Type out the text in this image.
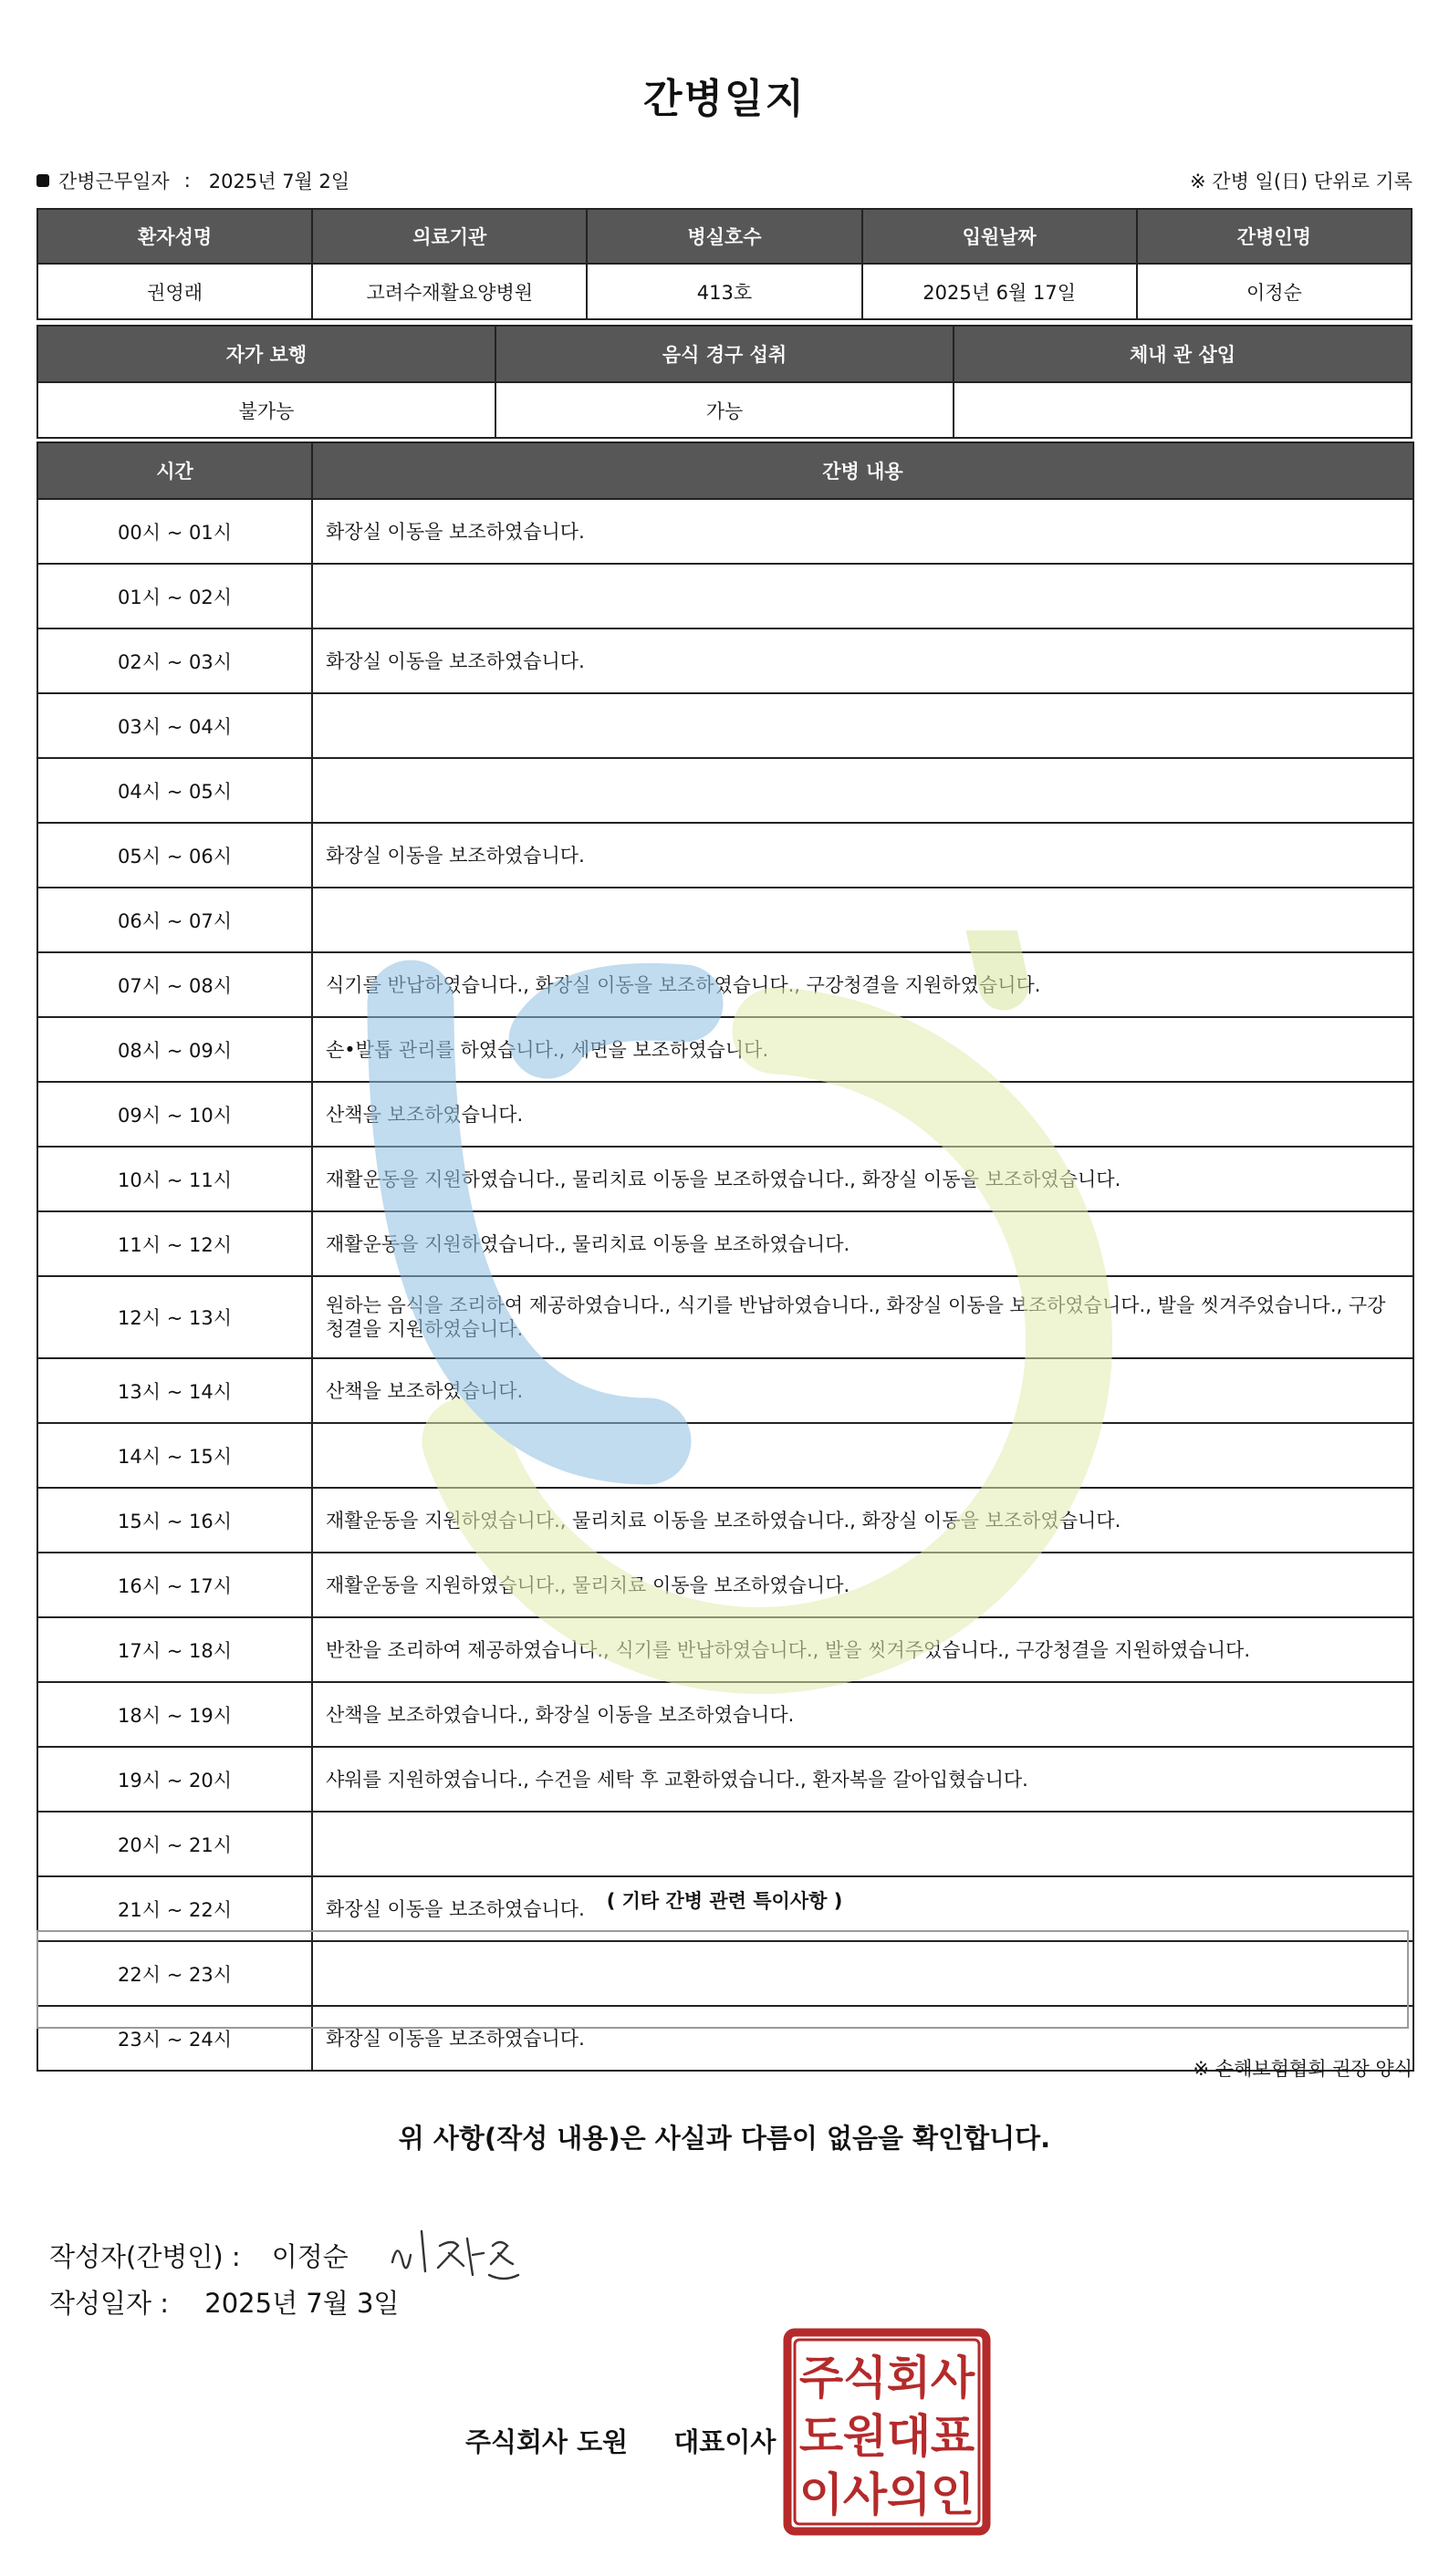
간병일지
간병근무일자 : 2025년 7월 2일	※ 간병 일(日) 단위로 기록
환자성명	의료기관	병실호수	입원날짜	간병인명
권영래	고려수재활요양병원	413호	2025년 6월 17일	이정순
자가 보행	음식 경구 섭취	체내 관 삽입
불가능	가능	
시간	간병 내용
00시 ~ 01시	화장실 이동을 보조하였습니다.
01시 ~ 02시	
02시 ~ 03시	화장실 이동을 보조하였습니다.
03시 ~ 04시	
04시 ~ 05시	
05시 ~ 06시	화장실 이동을 보조하였습니다.
06시 ~ 07시	
07시 ~ 08시	식기를 반납하였습니다., 화장실 이동을 보조하였습니다., 구강청결을 지원하였습니다.
08시 ~ 09시	손•발톱 관리를 하였습니다., 세면을 보조하였습니다.
09시 ~ 10시	산책을 보조하였습니다.
10시 ~ 11시	재활운동을 지원하였습니다., 물리치료 이동을 보조하였습니다., 화장실 이동을 보조하였습니다.
11시 ~ 12시	재활운동을 지원하였습니다., 물리치료 이동을 보조하였습니다.
12시 ~ 13시	원하는 음식을 조리하여 제공하였습니다., 식기를 반납하였습니다., 화장실 이동을 보조하였습니다., 발을 씻겨주었습니다., 구강청결을 지원하였습니다.
13시 ~ 14시	산책을 보조하였습니다.
14시 ~ 15시	
15시 ~ 16시	재활운동을 지원하였습니다., 물리치료 이동을 보조하였습니다., 화장실 이동을 보조하였습니다.
16시 ~ 17시	재활운동을 지원하였습니다., 물리치료 이동을 보조하였습니다.
17시 ~ 18시	반찬을 조리하여 제공하였습니다., 식기를 반납하였습니다., 발을 씻겨주었습니다., 구강청결을 지원하였습니다.
18시 ~ 19시	산책을 보조하였습니다., 화장실 이동을 보조하였습니다.
19시 ~ 20시	샤워를 지원하였습니다., 수건을 세탁 후 교환하였습니다., 환자복을 갈아입혔습니다.
20시 ~ 21시	
21시 ~ 22시	화장실 이동을 보조하였습니다.
22시 ~ 23시	
23시 ~ 24시	화장실 이동을 보조하였습니다.
( 기타 간병 관련 특이사항 )
※ 손해보험협회 권장 양식
위 사항(작성 내용)은 사실과 다름이 없음을 확인합니다.
작성자(간병인) : 이정순
작성일자 : 2025년 7월 3일
주식회사 도원 대표이사
주 식 회 사
도 원 대 표
이 사 의 인
